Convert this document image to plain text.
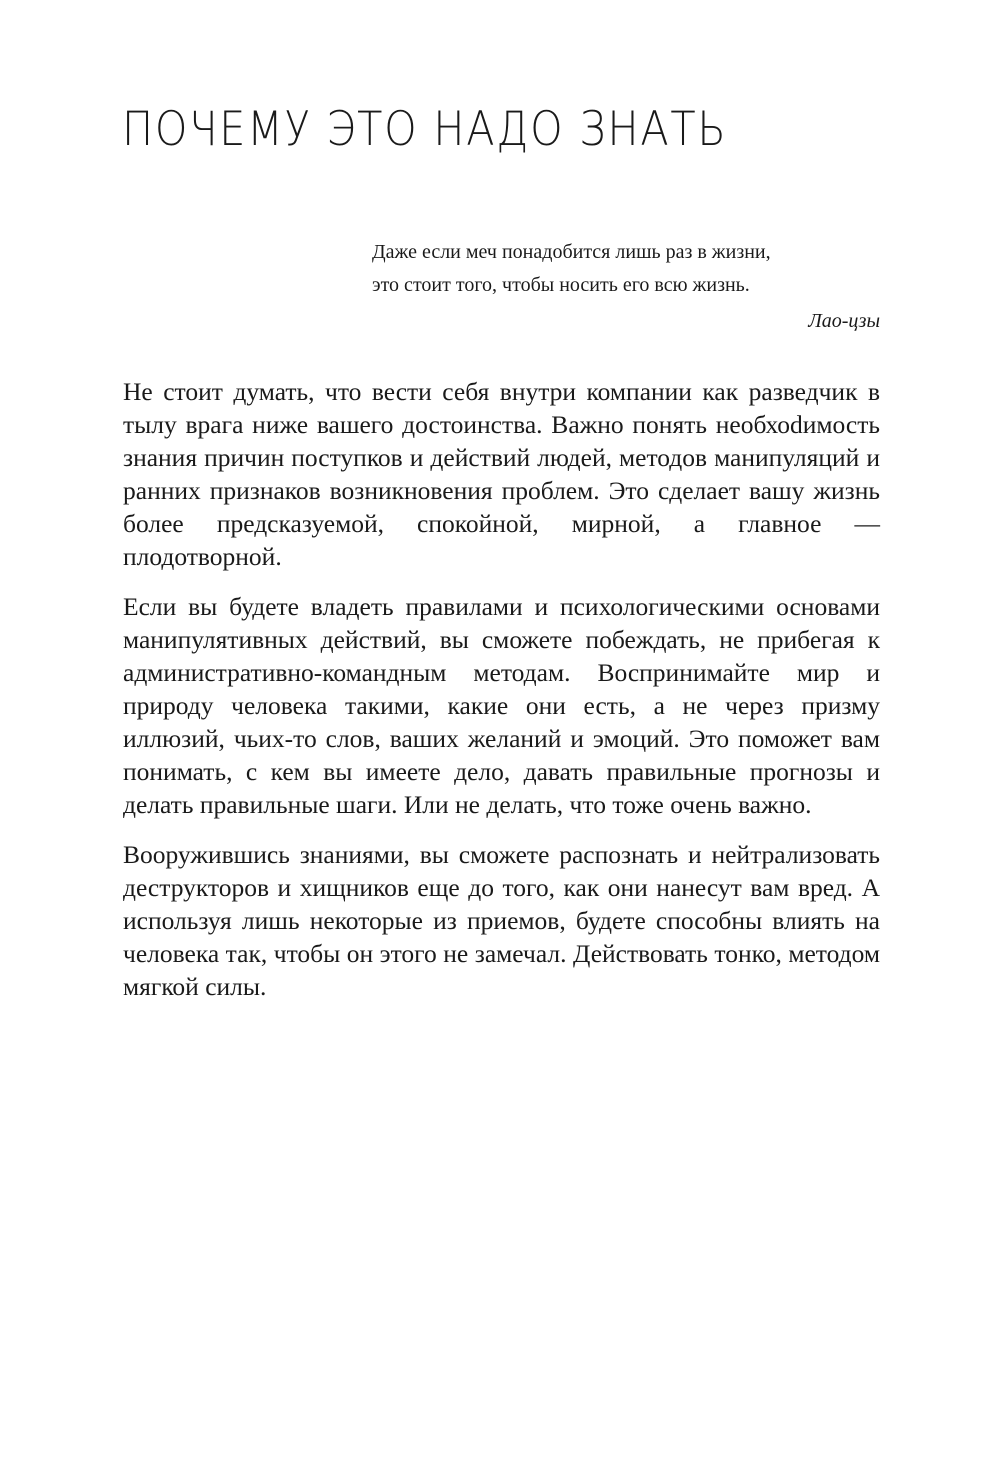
ПОЧЕМУ ЭТО НАДО ЗНАТЬ
Даже если меч понадобится лишь раз в жизни,
это стоит того, чтобы носить его всю жизнь.
Лао-цзы

Не стоит думать, что вести себя внутри компании как разведчик в тылу врага ниже вашего достоинства. Важно понять необхоdимость знания причин поступков и действий людей, методов манипуляций и ранних признаков возникновения проблем. Это сделает вашу жизнь более предсказуемой, спокойной, мирной, а главное — плодотворной.

Если вы будете владеть правилами и психологическими основами манипулятивных действий, вы сможете побеждать, не прибегая к административно-командным методам. Воспринимайте мир и природу человека такими, какие они есть, а не через призму иллюзий, чьих-то слов, ваших желаний и эмоций. Это поможет вам понимать, с кем вы имеете дело, давать правильные прогнозы и делать правильные шаги. Или не делать, что тоже очень важно.

Вооружившись знаниями, вы сможете распознать и нейтрализовать деструкторов и хищников еще до того, как они нанесут вам вред. А используя лишь некоторые из приемов, будете способны влиять на человека так, чтобы он этого не замечал. Действовать тонко, методом мягкой силы.
